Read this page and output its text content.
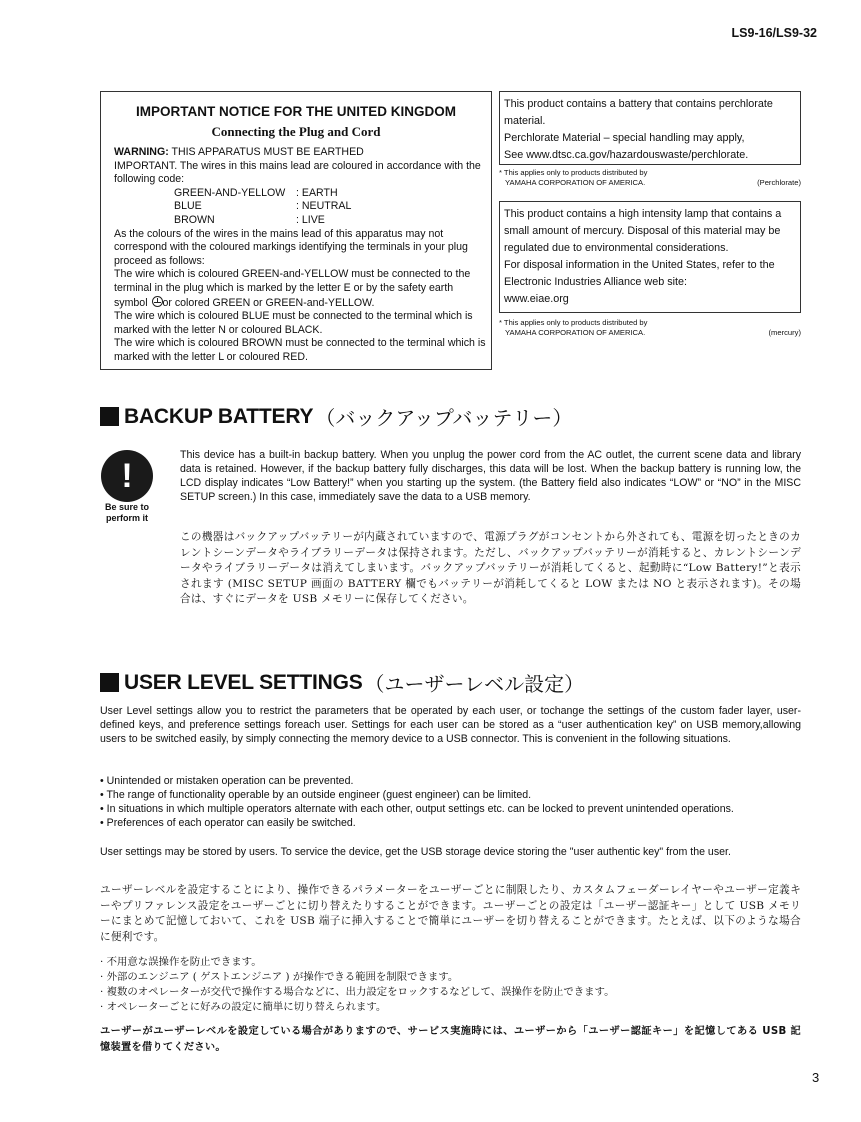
LS9-16/LS9-32
IMPORTANT NOTICE FOR THE UNITED KINGDOM
Connecting the Plug and Cord

WARNING: THIS APPARATUS MUST BE EARTHED

IMPORTANT. The wires in this mains lead are coloured in accordance with the following code:

GREEN-AND-YELLOW	: EARTH
BLUE	: NEUTRAL
BROWN	: LIVE

As the colours of the wires in the mains lead of this apparatus may not correspond with the coloured markings identifying the terminals in your plug proceed as follows:

The wire which is coloured GREEN-and-YELLOW must be connected to the terminal in the plug which is marked by the letter E or by the safety earth symbol or colored GREEN or GREEN-and-YELLOW.

The wire which is coloured BLUE must be connected to the terminal which is marked with the letter N or coloured BLACK.

The wire which is coloured BROWN must be connected to the terminal which is marked with the letter L or coloured RED.

This product contains a battery that contains perchlorate material.

Perchlorate Material – special handling may apply,

See www.dtsc.ca.gov/hazardouswaste/perchlorate.

* This applies only to products distributed by
YAMAHA CORPORATION OF AMERICA.	(Perchlorate)

This product contains a high intensity lamp that contains a small amount of mercury. Disposal of this material may be regulated due to environmental considerations.

For disposal information in the United States, refer to the Electronic Industries Alliance web site:

www.eiae.org

* This applies only to products distributed by
YAMAHA CORPORATION OF AMERICA.	(mercury)
BACKUP BATTERY （バックアップバッテリー）
!
Be sure to perform it

This device has a built-in backup battery. When you unplug the power cord from the AC outlet, the current scene data and library data is retained. However, if the backup battery fully discharges, this data will be lost. When the backup battery is running low, the LCD display indicates “Low Battery!” when you starting up the system. (the Battery field also indicates “LOW” or “NO” in the MISC SETUP screen.) In this case, immediately save the data to a USB memory.

この機器はバックアップバッテリーが内蔵されていますので、電源プラグがコンセントから外されても、電源を切ったときのカレントシーンデータやライブラリーデータは保持されます。ただし、バックアップバッテリーが消耗すると、カレントシーンデータやライブラリーデータは消えてしまいます。バックアップバッテリーが消耗してくると、起動時に“Low Battery!”と表示されます (MISC SETUP 画面の BATTERY 欄でもバッテリーが消耗してくると LOW または NO と表示されます)。その場合は、すぐにデータを USB メモリーに保存してください。

USER LEVEL SETTINGS （ユーザーレベル設定）

User Level settings allow you to restrict the parameters that be operated by each user, or tochange the settings of the custom fader layer, user-defined keys, and preference settings foreach user. Settings for each user can be stored as a “user authentication key” on USB memory,allowing users to be switched easily, by simply connecting the memory device to a USB connector. This is convenient in the following situations.

• Unintended or mistaken operation can be prevented.
• The range of functionality operable by an outside engineer (guest engineer) can be limited.
• In situations in which multiple operators alternate with each other, output settings etc. can be locked to prevent unintended operations.
• Preferences of each operator can easily be switched.

User settings may be stored by users. To service the device, get the USB storage device storing the "user authentic key" from the user.

ユーザーレベルを設定することにより、操作できるパラメーターをユーザーごとに制限したり、カスタムフェーダーレイヤーやユーザー定義キーやプリファレンス設定をユーザーごとに切り替えたりすることができます。ユーザーごとの設定は「ユーザー認証キー」として USB メモリーにまとめて記憶しておいて、これを USB 端子に挿入することで簡単にユーザーを切り替えることができます。たとえば、以下のような場合に便利です。

· 不用意な誤操作を防止できます。
· 外部のエンジニア ( ゲストエンジニア ) が操作できる範囲を制限できます。
· 複数のオペレーターが交代で操作する場合などに、出力設定をロックするなどして、誤操作を防止できます。
· オペレーターごとに好みの設定に簡単に切り替えられます。

ユーザーがユーザーレベルを設定している場合がありますので、サービス実施時には、ユーザーから「ユーザー認証キー」を記憶してある USB 記憶装置を借りてください。

3
